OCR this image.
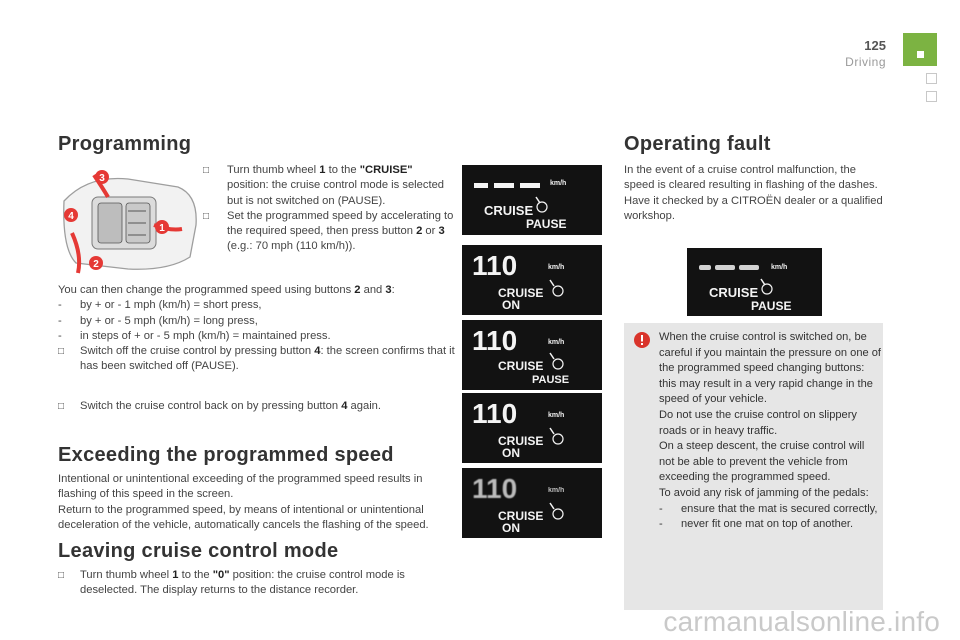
125
Driving
Programming
3
4
1
2
□ Turn thumb wheel 1 to the "CRUISE" position: the cruise control mode is selected but is not switched on (PAUSE).
□ Set the programmed speed by accelerating to the required speed, then press button 2 or 3 (e.g.: 70 mph (110 km/h)).
You can then change the programmed speed using buttons 2 and 3:
- by + or - 1 mph (km/h) = short press,
- by + or - 5 mph (km/h) = long press,
- in steps of + or - 5 mph (km/h) = maintained press.
□ Switch off the cruise control by pressing button 4: the screen confirms that it has been switched off (PAUSE).
□ Switch the cruise control back on by pressing button 4 again.
Exceeding the programmed speed
Intentional or unintentional exceeding of the programmed speed results in flashing of this speed in the screen.
Return to the programmed speed, by means of intentional or unintentional deceleration of the vehicle, automatically cancels the flashing of the speed.
Leaving cruise control mode
□ Turn thumb wheel 1 to the "0" position: the cruise control mode is deselected. The display returns to the distance recorder.
km/h
CRUISE
PAUSE
110	km/h
CRUISE
ON
110	km/h
CRUISE
PAUSE
110	km/h
CRUISE
ON
110	km/h
CRUISE
ON
Operating fault
In the event of a cruise control malfunction, the speed is cleared resulting in flashing of the dashes. Have it checked by a CITROËN dealer or a qualified workshop.
km/h
CRUISE
PAUSE
When the cruise control is switched on, be careful if you maintain the pressure on one of the programmed speed changing buttons: this may result in a very rapid change in the speed of your vehicle.
Do not use the cruise control on slippery roads or in heavy traffic.
On a steep descent, the cruise control will not be able to prevent the vehicle from exceeding the programmed speed.
To avoid any risk of jamming of the pedals:
- ensure that the mat is secured correctly,
- never fit one mat on top of another.
carmanualsonline.info
